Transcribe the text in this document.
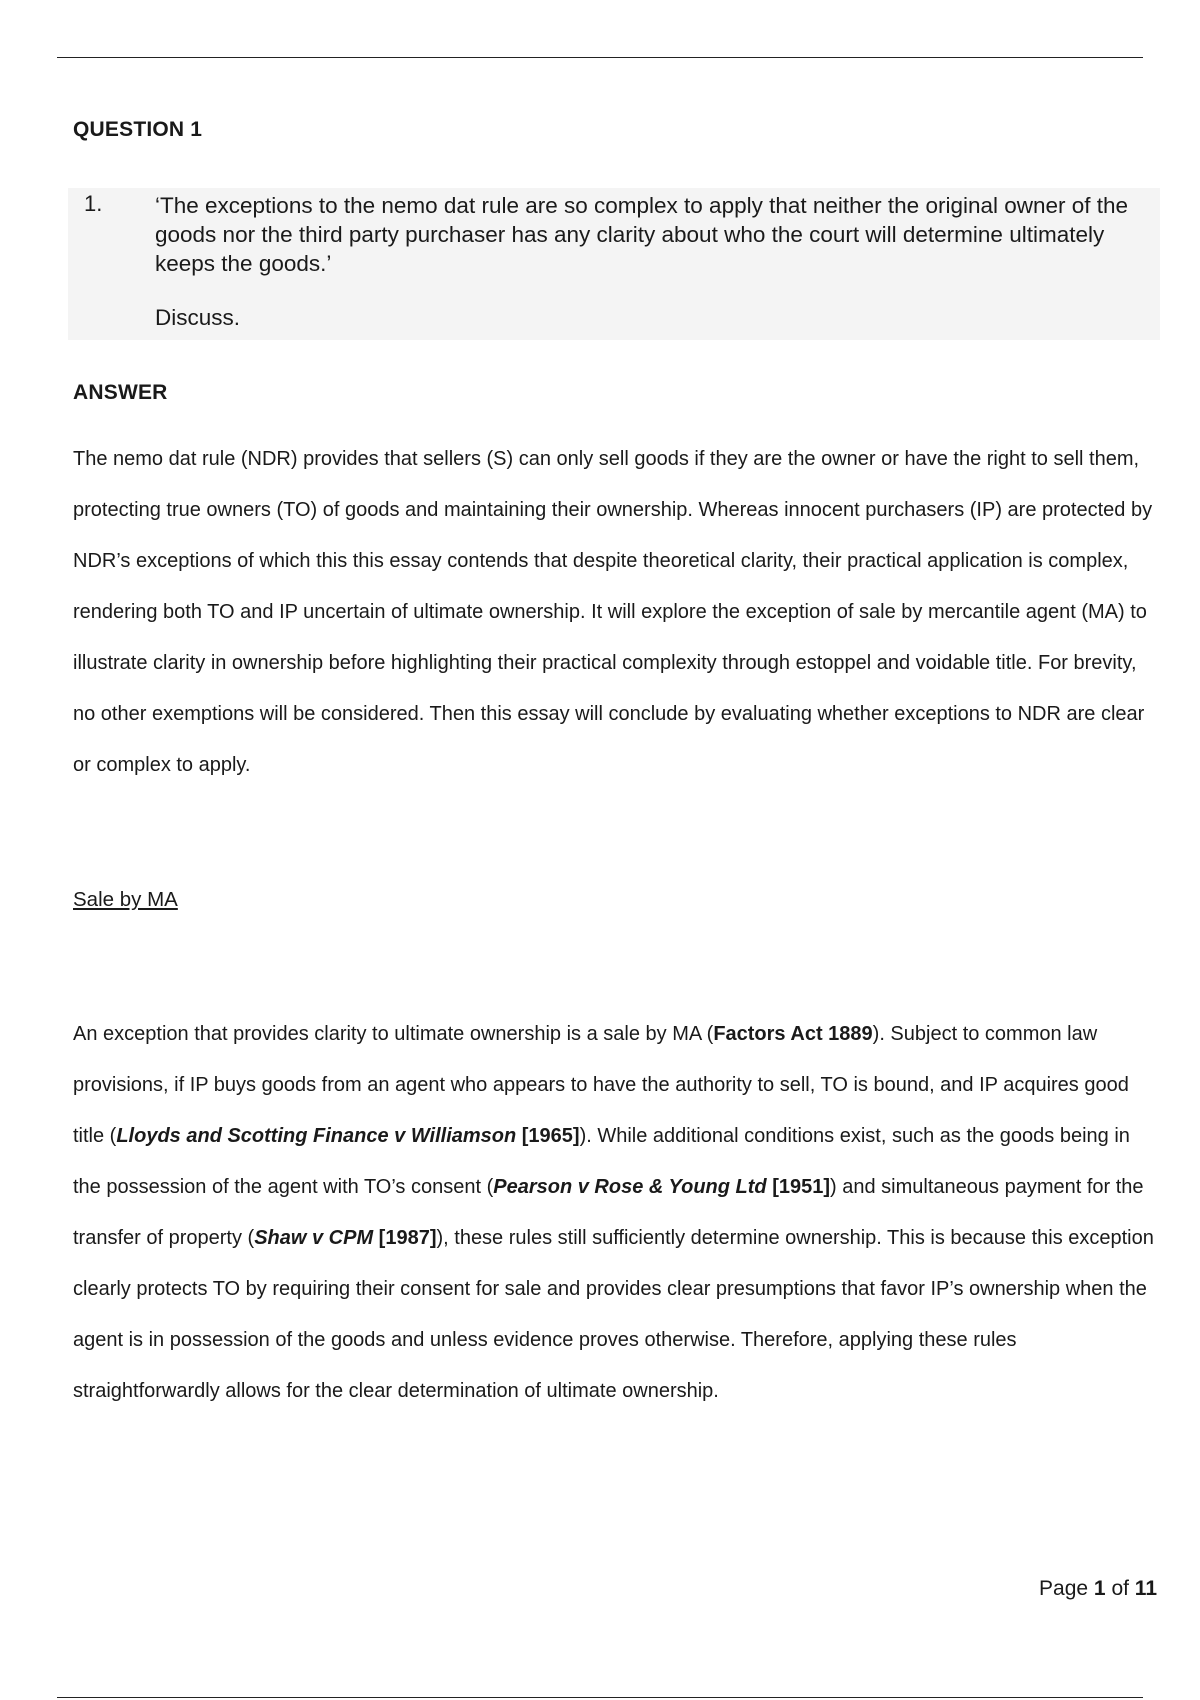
QUESTION 1
1. ‘The exceptions to the nemo dat rule are so complex to apply that neither the original owner of the goods nor the third party purchaser has any clarity about who the court will determine ultimately keeps the goods.’
Discuss.
ANSWER
The nemo dat rule (NDR) provides that sellers (S) can only sell goods if they are the owner or have the right to sell them, protecting true owners (TO) of goods and maintaining their ownership. Whereas innocent purchasers (IP) are protected by NDR’s exceptions of which this this essay contends that despite theoretical clarity, their practical application is complex, rendering both TO and IP uncertain of ultimate ownership. It will explore the exception of sale by mercantile agent (MA) to illustrate clarity in ownership before highlighting their practical complexity through estoppel and voidable title. For brevity, no other exemptions will be considered. Then this essay will conclude by evaluating whether exceptions to NDR are clear or complex to apply.
Sale by MA
An exception that provides clarity to ultimate ownership is a sale by MA (Factors Act 1889). Subject to common law provisions, if IP buys goods from an agent who appears to have the authority to sell, TO is bound, and IP acquires good title (Lloyds and Scotting Finance v Williamson [1965]). While additional conditions exist, such as the goods being in the possession of the agent with TO’s consent (Pearson v Rose & Young Ltd [1951]) and simultaneous payment for the transfer of property (Shaw v CPM [1987]), these rules still sufficiently determine ownership. This is because this exception clearly protects TO by requiring their consent for sale and provides clear presumptions that favor IP’s ownership when the agent is in possession of the goods and unless evidence proves otherwise. Therefore, applying these rules straightforwardly allows for the clear determination of ultimate ownership.
Page 1 of 11
